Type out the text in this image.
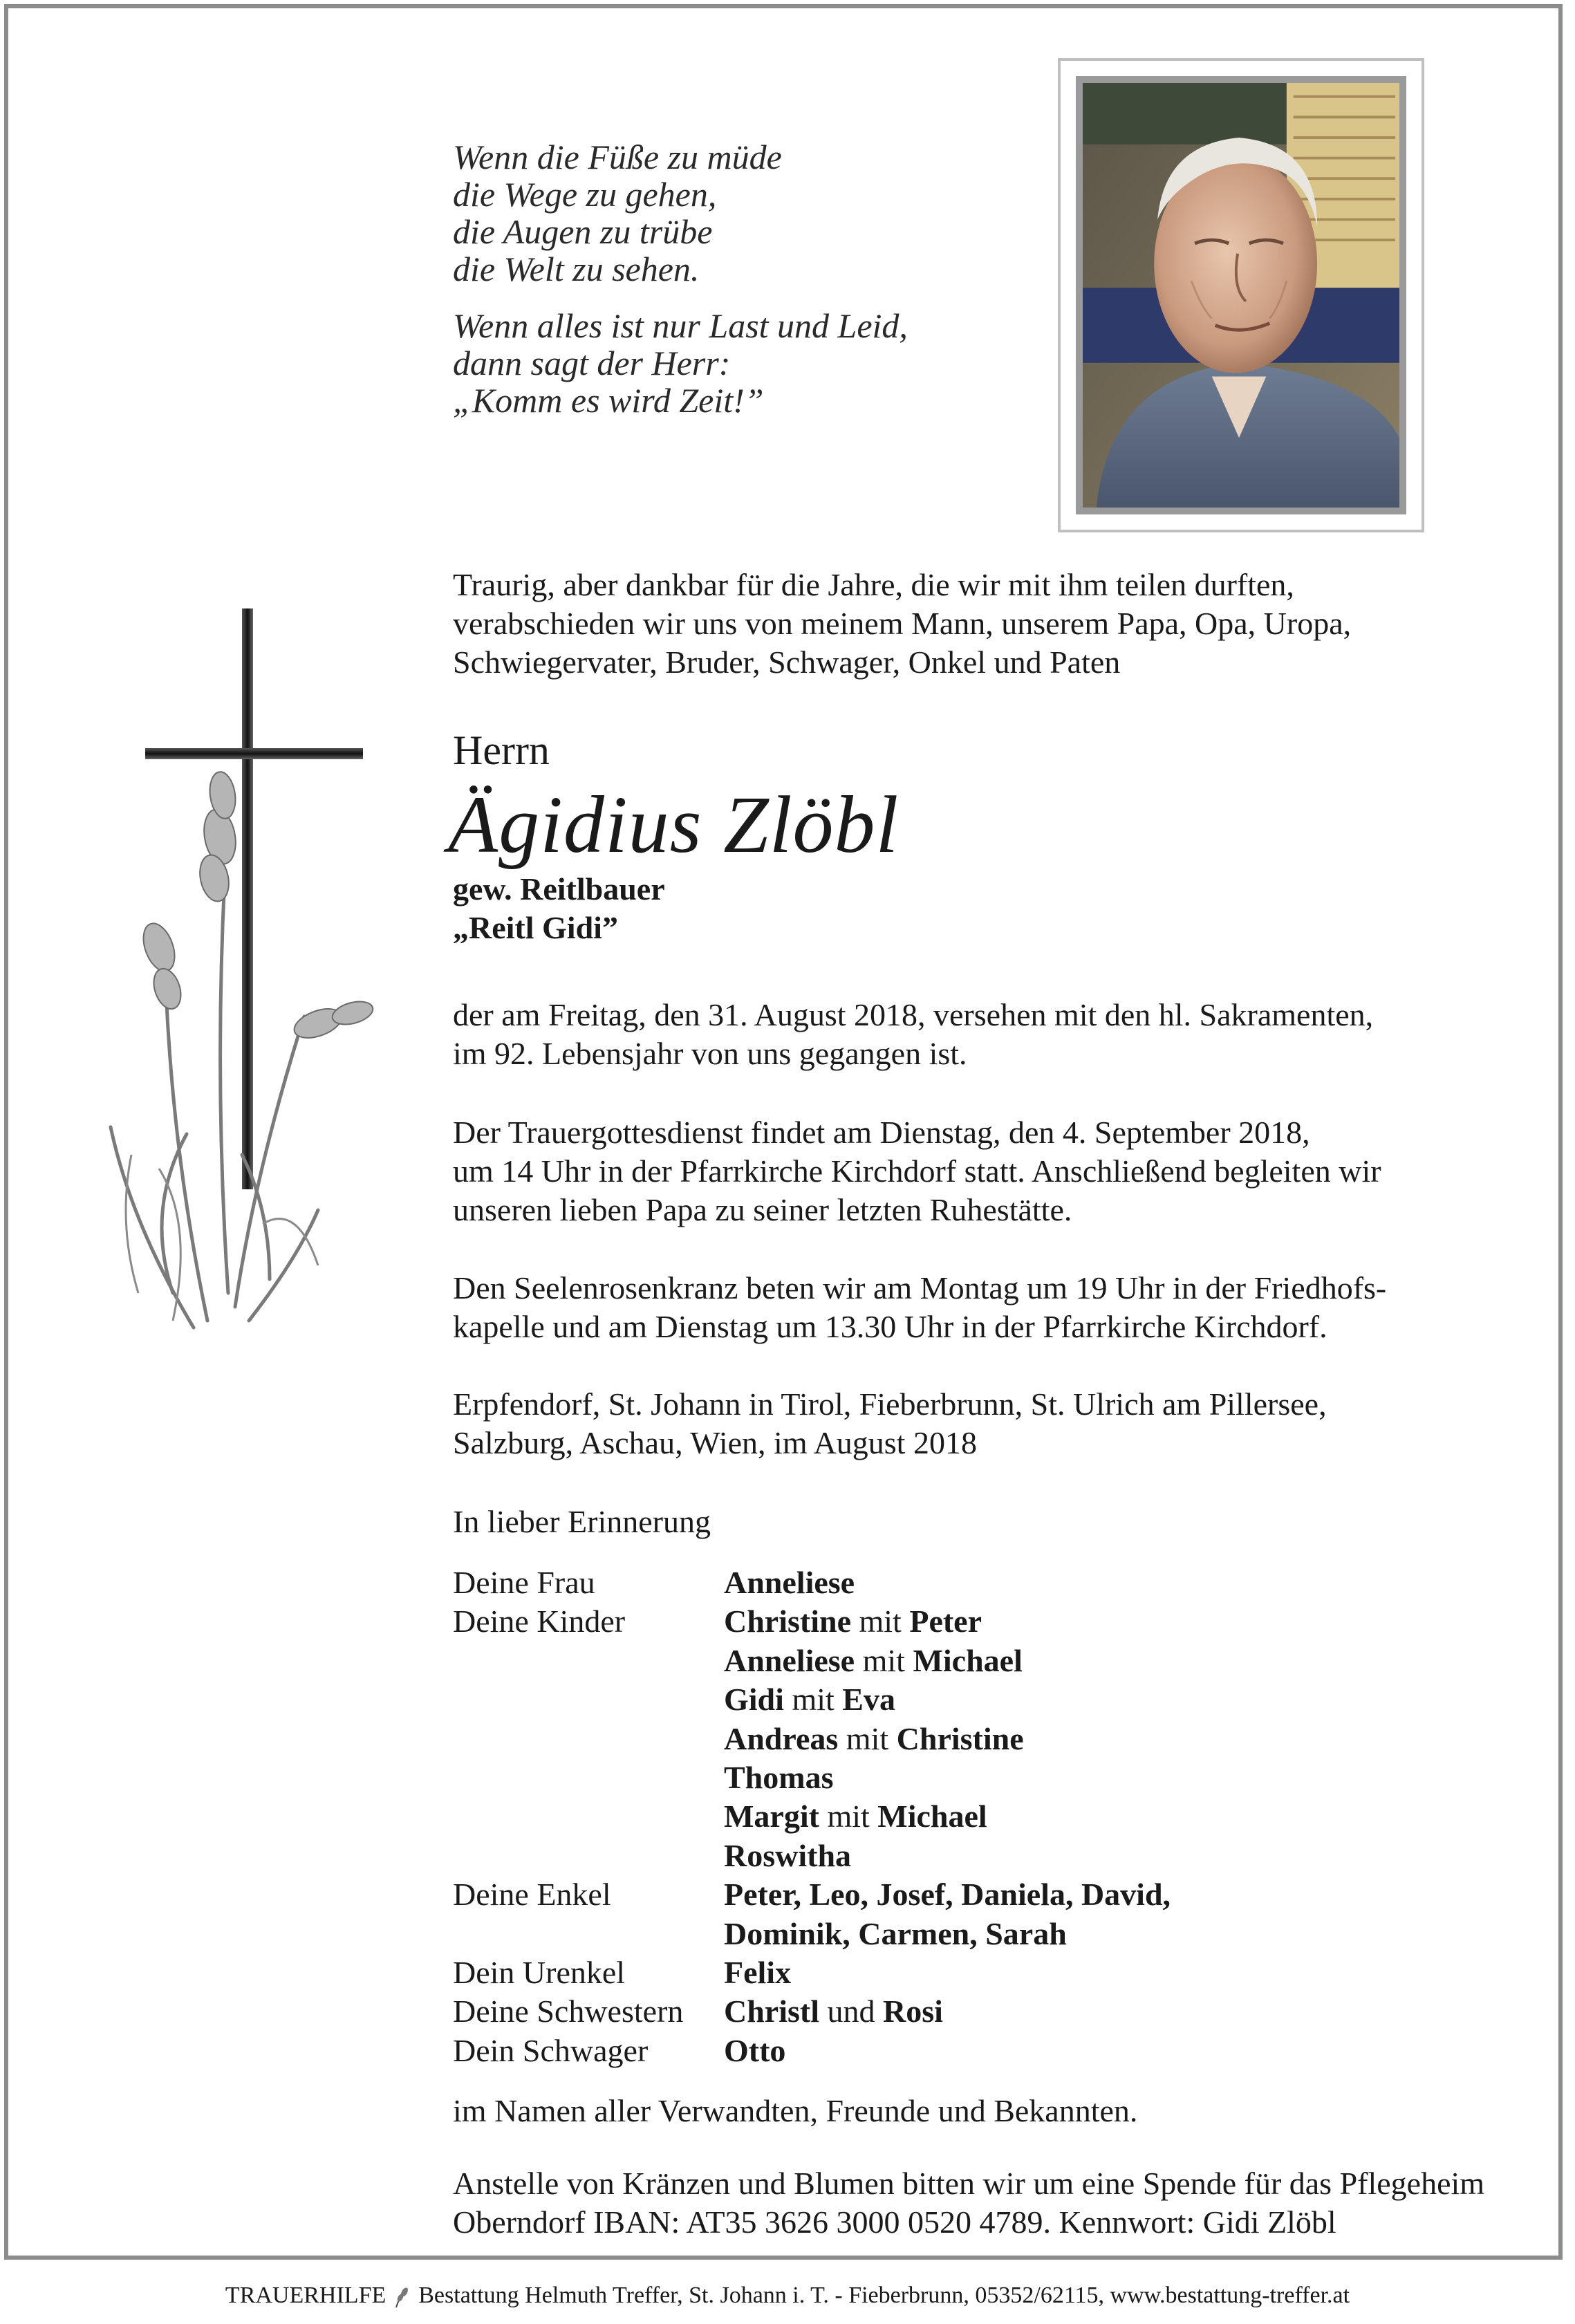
Wenn die Füße zu müde

die Wege zu gehen,

die Augen zu trübe

die Welt zu sehen.

Wenn alles ist nur Last und Leid,

dann sagt der Herr:

„Komm es wird Zeit!”

Traurig, aber dankbar für die Jahre, die wir mit ihm teilen durften,

verabschieden wir uns von meinem Mann, unserem Papa, Opa, Uropa,

Schwiegervater, Bruder, Schwager, Onkel und Paten

Herrn
Ägidius Zlöbl

gew. Reitlbauer

„Reitl Gidi”

der am Freitag, den 31. August 2018, versehen mit den hl. Sakramenten,

im 92. Lebensjahr von uns gegangen ist.

Der Trauergottesdienst findet am Dienstag, den 4. September 2018,

um 14 Uhr in der Pfarrkirche Kirchdorf statt. Anschließend begleiten wir

unseren lieben Papa zu seiner letzten Ruhestätte.

Den Seelenrosenkranz beten wir am Montag um 19 Uhr in der Friedhofs-

kapelle und am Dienstag um 13.30 Uhr in der Pfarrkirche Kirchdorf.

Erpfendorf, St. Johann in Tirol, Fieberbrunn, St. Ulrich am Pillersee,

Salzburg, Aschau, Wien, im August 2018

In lieber Erinnerung
Deine Frau	Anneliese
Deine Kinder	Christine mit Peter
Anneliese mit Michael
Gidi mit Eva
Andreas mit Christine
Thomas
Margit mit Michael
Roswitha
Deine Enkel	Peter, Leo, Josef, Daniela, David,
Dominik, Carmen, Sarah
Dein Urenkel	Felix
Deine Schwestern	Christl und Rosi
Dein Schwager	Otto
im Namen aller Verwandten, Freunde und Bekannten.

Anstelle von Kränzen und Blumen bitten wir um eine Spende für das Pflegeheim

Oberndorf IBAN: AT35 3626 3000 0520 4789. Kennwort: Gidi Zlöbl

TRAUERHILFE Bestattung Helmuth Treffer, St. Johann i. T. - Fieberbrunn, 05352/62115, www.bestattung-treffer.at
